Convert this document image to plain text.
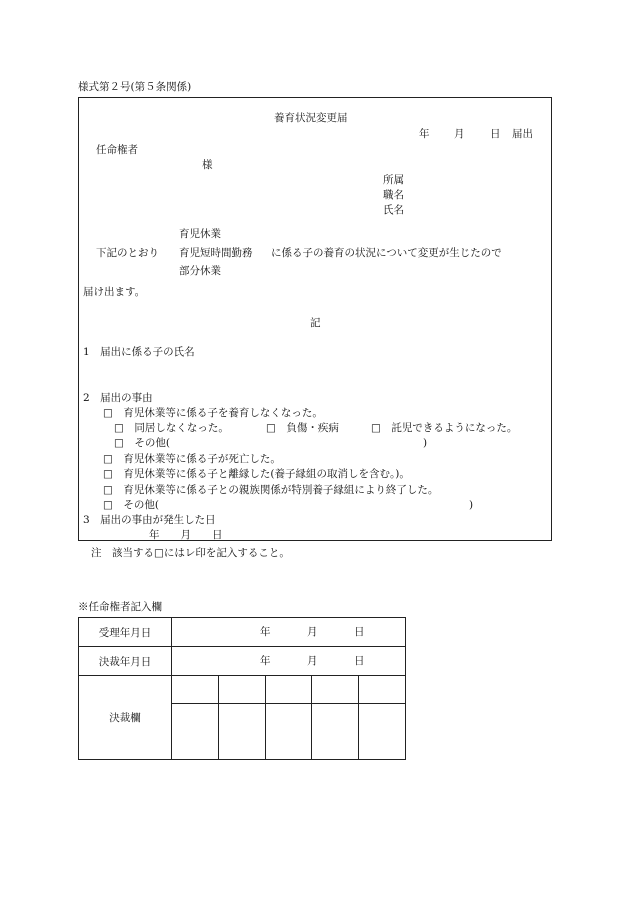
様式第２号(第５条関係)
養育状況変更届
年 月 日 届出
任命権者
様
所属
職名
氏名
育児休業
下記のとおり 育児短時間勤務 に係る子の養育の状況について変更が生じたので
部分休業
届け出ます。
記
1　届出に係る子の氏名
2　届出の事由
□　育児休業等に係る子を養育しなくなった。
□　同居しなくなった。	□　負傷・疾病	□　託児できるようになった。
□　その他(	)
□　育児休業等に係る子が死亡した。
□　育児休業等に係る子と離縁した(養子縁組の取消しを含む。)。
□　育児休業等に係る子との親族関係が特別養子縁組により終了した。
□　その他(	)
3　届出の事由が発生した日
年　　月　　日
注　該当する□にはレ印を記入すること。
※任命権者記入欄
受理年月日	年 月 日				

決裁年月日	年 月 日				

決裁欄					
